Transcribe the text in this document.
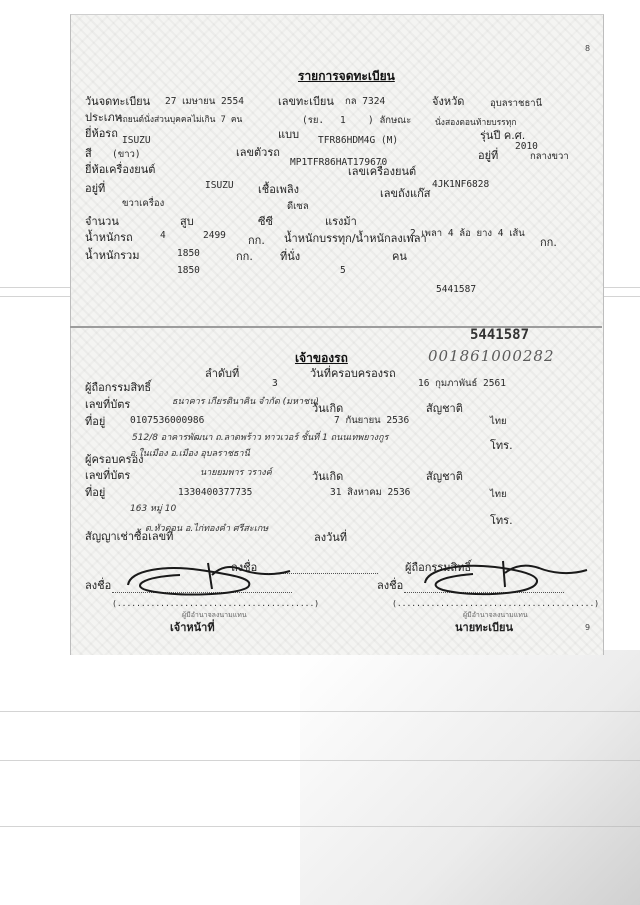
8
9
รายการจดทะเบียน
วันจดทะเบียน 27 เมษายน 2554	เลขทะเบียน กล 7324	จังหวัด	อุบลราชธานี
ประเภท
รถยนต์นั่งส่วนบุคคลไม่เกิน 7 คน	(รย. 1 ) ลักษณะ	นั่งสองตอนท้ายบรรทุก
ยี่ห้อรถ
ISUZU	แบบ TFR86HDM4G (M)	รุ่นปี ค.ศ.
2010
สี (ขาว)	เลขตัวรถ
MP1TFR86HAT179670
อยู่ที่	กลางขวา
ยี่ห้อเครื่องยนต์	เลขเครื่องยนต์
อยู่ที่	ISUZU เชื้อเพลิง	4JK1NF6828
เลขถังแก๊ส
ขวาเครื่อง	ดีเซล
จำนวน	สูบ	ซีซี	แรงม้า
น้ำหนักรถ	4	2499 กก. น้ำหนักบรรทุก/น้ำหนักลงเพลา
2 เพลา 4 ล้อ ยาง 4 เส้น
กก.
น้ำหนักรวม	1850	กก. ที่นั่ง	คน
1850	5
5441587
5441587
001861000282
เจ้าของรถ
ลำดับที่	วันที่ครอบครองรถ
3	16 กุมภาพันธ์ 2561
ผู้ถือกรรมสิทธิ์
ธนาคาร เกียรตินาคิน จำกัด (มหาชน)
เลขที่บัตร	วันเกิด	สัญชาติ
ที่อยู่	0107536000986	7 กันยายน 2536	ไทย
512/8 อาคารพัฒนา ถ.ลาดพร้าว ทาวเวอร์ ชั้นที่ 1 ถนนเทพยางกูร
โทร.
ผู้ครอบครอง
อ.ในเมือง อ.เมือง อุบลราชธานี
เลขที่บัตร	นายยมพาร วรางค์	วันเกิด	สัญชาติ
ที่อยู่	1330400377735	31 สิงหาคม 2536	ไทย
163 หมู่ 10
โทร.
สัญญาเช่าซื้อเลขที่
ต.หัวดอน อ.ไก่ทองคำ ศรีสะเกษ
ลงวันที่
ลงชื่อ	ผู้ถือกรรมสิทธิ์
ลงชื่อ	ลงชื่อ
(.........................................)	(.........................................)
ผู้มีอำนาจลงนามแทน	ผู้มีอำนาจลงนามแทน
เจ้าหน้าที่	นายทะเบียน
